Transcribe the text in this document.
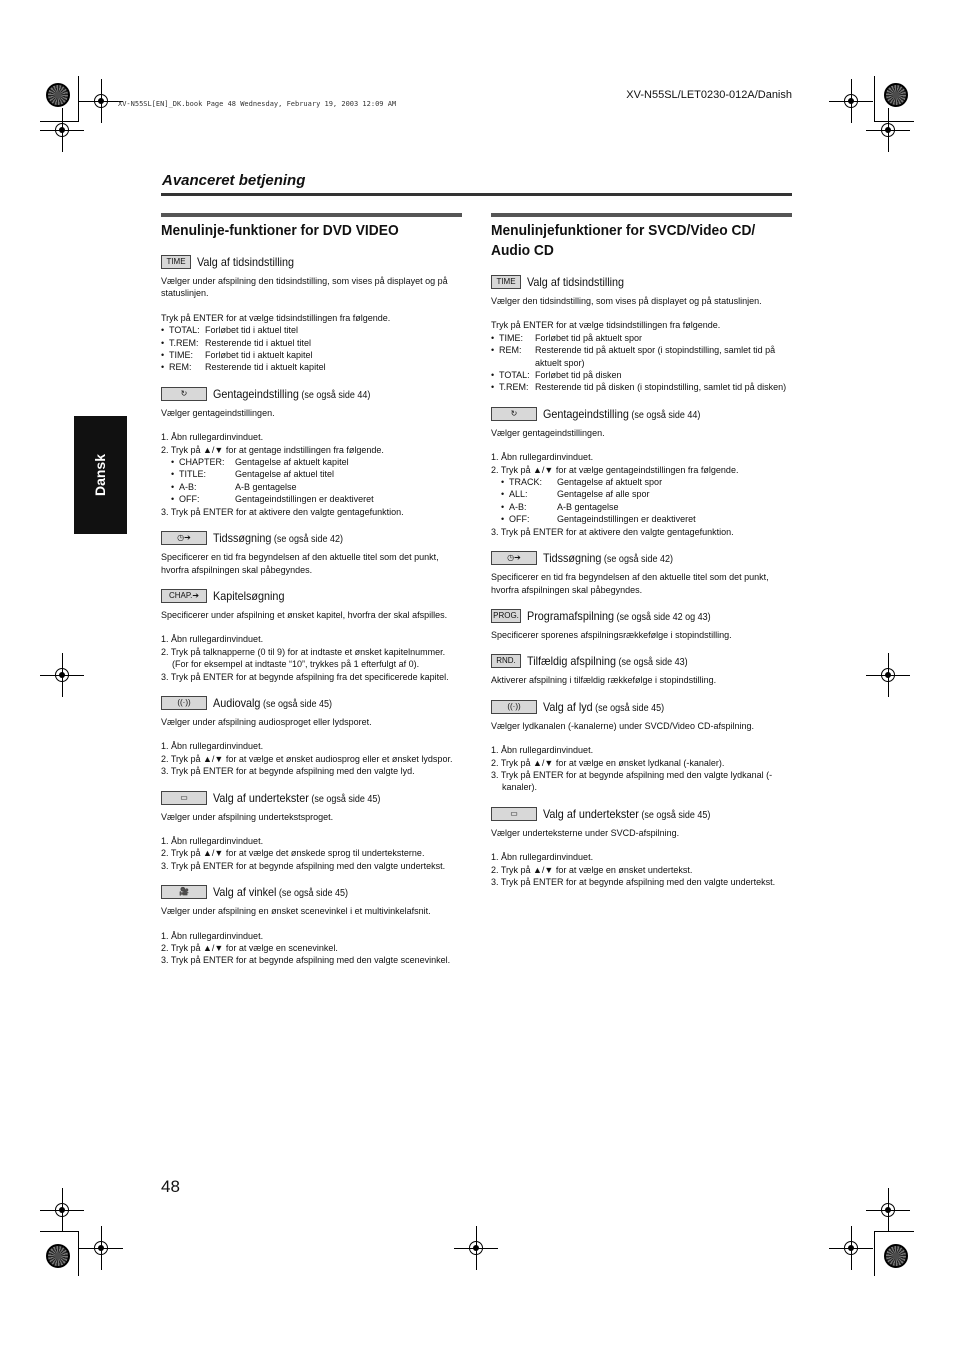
XV-N55SL[EN]_DK.book Page 48 Wednesday, February 19, 2003 12:09 AM
XV-N55SL/LET0230-012A/Danish
Avanceret betjening
Dansk
Menulinje-funktioner for DVD VIDEO
TIME Valg af tidsindstilling

Vælger under afspilning den tidsindstilling, som vises på displayet og på statuslinjen.

Tryk på ENTER for at vælge tidsindstillingen fra følgende.

• TOTAL: Forløbet tid i aktuel titel
• T.REM: Resterende tid i aktuel titel
• TIME:	Forløbet tid i aktuelt kapitel
• REM:	Resterende tid i aktuelt kapitel
↻	Gentageindstilling (se også side 44)

Vælger gentageindstillingen.

1. Åbn rullegardinvinduet.
2. Tryk på ▲/▼ for at gentage indstillingen fra følgende.
• CHAPTER:	Gentagelse af aktuelt kapitel
• TITLE:	Gentagelse af aktuel titel
• A-B:	A-B gentagelse
• OFF:	Gentageindstillingen er deaktiveret
3. Tryk på ENTER for at aktivere den valgte gentagefunktion.
◷➔	Tidssøgning (se også side 42)

Specificerer en tid fra begyndelsen af den aktuelle titel som det punkt, hvorfra afspilningen skal påbegyndes.

CHAP.➔	Kapitelsøgning

Specificerer under afspilning et ønsket kapitel, hvorfra der skal afspilles.

1. Åbn rullegardinvinduet.
2. Tryk på talknapperne (0 til 9) for at indtaste et ønsket kapitelnummer. (For for eksempel at indtaste “10”, trykkes på 1 efterfulgt af 0).
3. Tryk på ENTER for at begynde afspilning fra det specificerede kapitel.
((·))	Audiovalg (se også side 45)

Vælger under afspilning audiosproget eller lydsporet.

1. Åbn rullegardinvinduet.
2. Tryk på ▲/▼ for at vælge et ønsket audiosprog eller et ønsket lydspor.
3. Tryk på ENTER for at begynde afspilning med den valgte lyd.
▭	Valg af undertekster (se også side 45)

Vælger under afspilning undertekstsproget.

1. Åbn rullegardinvinduet.
2. Tryk på ▲/▼ for at vælge det ønskede sprog til underteksterne.
3. Tryk på ENTER for at begynde afspilning med den valgte undertekst.
🎥	Valg af vinkel (se også side 45)

Vælger under afspilning en ønsket scenevinkel i et multivinkelafsnit.

1. Åbn rullegardinvinduet.
2. Tryk på ▲/▼ for at vælge en scenevinkel.
3. Tryk på ENTER for at begynde afspilning med den valgte scenevinkel.
Menulinjefunktioner for SVCD/Video CD/ Audio CD
TIME Valg af tidsindstilling

Vælger den tidsindstilling, som vises på displayet og på statuslinjen.

Tryk på ENTER for at vælge tidsindstillingen fra følgende.

• TIME:	Forløbet tid på aktuelt spor
• REM:	Resterende tid på aktuelt spor (i stopindstilling, samlet tid på aktuelt spor)
• TOTAL: Forløbet tid på disken
• T.REM: Resterende tid på disken (i stopindstilling, samlet tid på disken)
↻	Gentageindstilling (se også side 44)

Vælger gentageindstillingen.

1. Åbn rullegardinvinduet.
2. Tryk på ▲/▼ for at vælge gentageindstillingen fra følgende.
• TRACK:	Gentagelse af aktuelt spor
• ALL:	Gentagelse af alle spor
• A-B:	A-B gentagelse
• OFF:	Gentageindstillingen er deaktiveret
3. Tryk på ENTER for at aktivere den valgte gentagefunktion.
◷➔	Tidssøgning (se også side 42)

Specificerer en tid fra begyndelsen af den aktuelle titel som det punkt, hvorfra afspilningen skal påbegyndes.

PROG. Programafspilning (se også side 42 og 43)

Specificerer sporenes afspilningsrækkefølge i stopindstilling.

RND. Tilfældig afspilning (se også side 43)

Aktiverer afspilning i tilfældig rækkefølge i stopindstilling.

((·))	Valg af lyd (se også side 45)

Vælger lydkanalen (-kanalerne) under SVCD/Video CD-afspilning.

1. Åbn rullegardinvinduet.
2. Tryk på ▲/▼ for at vælge en ønsket lydkanal (-kanaler).
3. Tryk på ENTER for at begynde afspilning med den valgte lydkanal (-kanaler).
▭	Valg af undertekster (se også side 45)

Vælger underteksterne under SVCD-afspilning.

1. Åbn rullegardinvinduet.
2. Tryk på ▲/▼ for at vælge en ønsket undertekst.
3. Tryk på ENTER for at begynde afspilning med den valgte undertekst.
48
